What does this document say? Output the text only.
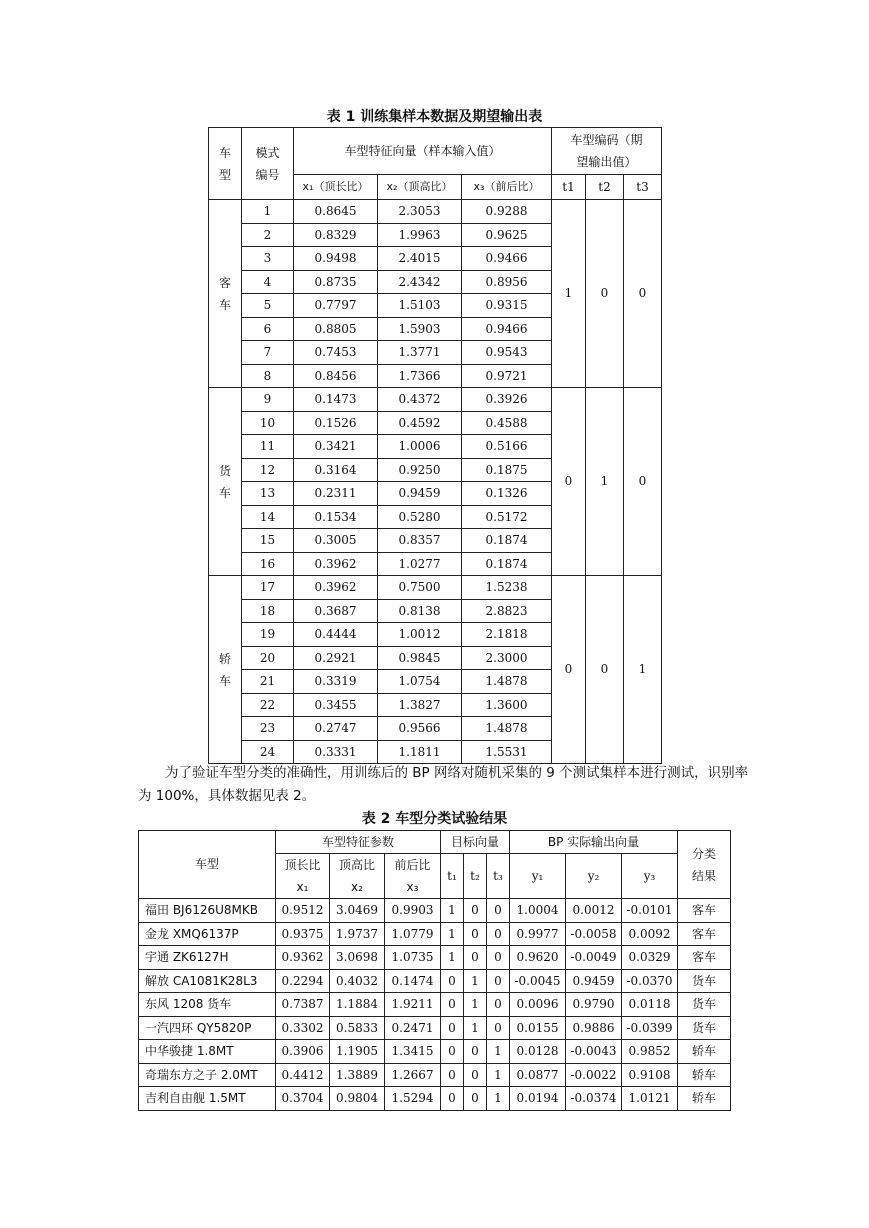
表 1 训练集样本数据及期望输出表
车型	模式编号	车型特征向量（样本输入值）			车型编码（期望输出值）		
		x₁（顶长比）	x₂（顶高比）	x₃（前后比）	t1	t2	t3
客车	1	0.8645	2.3053	0.9288	1	0	0
	2	0.8329	1.9963	0.9625			
	3	0.9498	2.4015	0.9466			
	4	0.8735	2.4342	0.8956			
	5	0.7797	1.5103	0.9315			
	6	0.8805	1.5903	0.9466			
	7	0.7453	1.3771	0.9543			
	8	0.8456	1.7366	0.9721			
货车	9	0.1473	0.4372	0.3926	0	1	0
	10	0.1526	0.4592	0.4588			
	11	0.3421	1.0006	0.5166			
	12	0.3164	0.9250	0.1875			
	13	0.2311	0.9459	0.1326			
	14	0.1534	0.5280	0.5172			
	15	0.3005	0.8357	0.1874			
	16	0.3962	1.0277	0.1874			
轿车	17	0.3962	0.7500	1.5238	0	0	1
	18	0.3687	0.8138	2.8823			
	19	0.4444	1.0012	2.1818			
	20	0.2921	0.9845	2.3000			
	21	0.3319	1.0754	1.4878			
	22	0.3455	1.3827	1.3600			
	23	0.2747	0.9566	1.4878			
	24	0.3331	1.1811	1.5531			
为了验证车型分类的准确性，用训练后的 BP 网络对随机采集的 9 个测试集样本进行测试，识别率为 100%，具体数据见表 2。
表 2 车型分类试验结果
车型	车型特征参数			目标向量			BP 实际输出向量			分类结果
	顶长比 x₁	顶高比 x₂	前后比 x₃	t₁	t₂	t₃	y₁	y₂	y₃	
福田 BJ6126U8MKB	0.9512	3.0469	0.9903	1	0	0	1.0004	0.0012	-0.0101	客车
金龙 XMQ6137P	0.9375	1.9737	1.0779	1	0	0	0.9977	-0.0058	0.0092	客车
宇通 ZK6127H	0.9362	3.0698	1.0735	1	0	0	0.9620	-0.0049	0.0329	客车
解放 CA1081K28L3	0.2294	0.4032	0.1474	0	1	0	-0.0045	0.9459	-0.0370	货车
东风 1208 货车	0.7387	1.1884	1.9211	0	1	0	0.0096	0.9790	0.0118	货车
一汽四环 QY5820P	0.3302	0.5833	0.2471	0	1	0	0.0155	0.9886	-0.0399	货车
中华骏捷 1.8MT	0.3906	1.1905	1.3415	0	0	1	0.0128	-0.0043	0.9852	轿车
奇瑞东方之子 2.0MT	0.4412	1.3889	1.2667	0	0	1	0.0877	-0.0022	0.9108	轿车
吉利自由舰 1.5MT	0.3704	0.9804	1.5294	0	0	1	0.0194	-0.0374	1.0121	轿车
